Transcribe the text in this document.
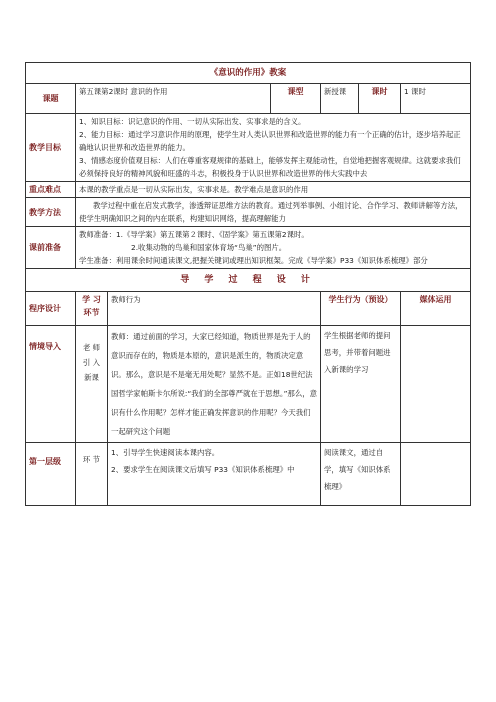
《意识的作用》教案						
课题	第五课第2课时 意识的作用		课型	新授课	课时	1 课时
教学目标	1、知识目标：识记意识的作用、一切从实际出发、实事求是的含义。

2、能力目标：通过学习意识作用的原理，使学生对人类认识世界和改造世界的能力有一个正确的估计，逐步培养起正确地认识世界和改造世界的能力。

3、情感态度价值观目标：人们在尊重客观规律的基础上，能够发挥主观能动性，自觉地把握客观规律。这就要求我们必须保持良好的精神风貌和旺盛的斗志，积极投身于认识世界和改造世界的伟大实践中去					

重点难点	本课的教学重点是一切从实际出发，实事求是。教学难点是意识的作用					
教学方法	教学过程中重在启发式教学，渗透辩证思维方法的教育。通过列举事例、小组讨论、合作学习、教师讲解等方法，使学生明确知识之间的内在联系，构建知识网络，提高理解能力					
课前准备	教师准备：1.《导学案》第五课第２课时、《固学案》第五课第2课时。

2.收集动物的鸟巢和国家体育场“鸟巢”的图片。

学生准备：利用课余时间通读课文,把握关键词或理出知识框架。完成《导学案》P33《知识体系梳理》部分					

导 学 过 程 设 计						
程序设计	学 习 环节	教师行为		学生行为（预设）		媒体运用
情境导入	老 师 引 入 新课	教师：通过前面的学习，大家已经知道，物质世界是先于人的意识而存在的，物质是本原的，意识是派生的，物质决定意识。那么，意识是不是毫无用处呢？显然不是。正如18世纪法国哲学家帕斯卡尔所说:“我们的全部尊严就在于思想。”那么，意识有什么作用呢？怎样才能正确发挥意识的作用呢？今天我们一起研究这个问题		学生根据老师的提问思考，并带着问题进入新课的学习		
第一层级	环 节	1、引导学生快速阅读本课内容。

2、要求学生在阅读课文后填写 P33《知识体系梳理》中		阅读课文，通过自学，填写《知识体系梳理》		
